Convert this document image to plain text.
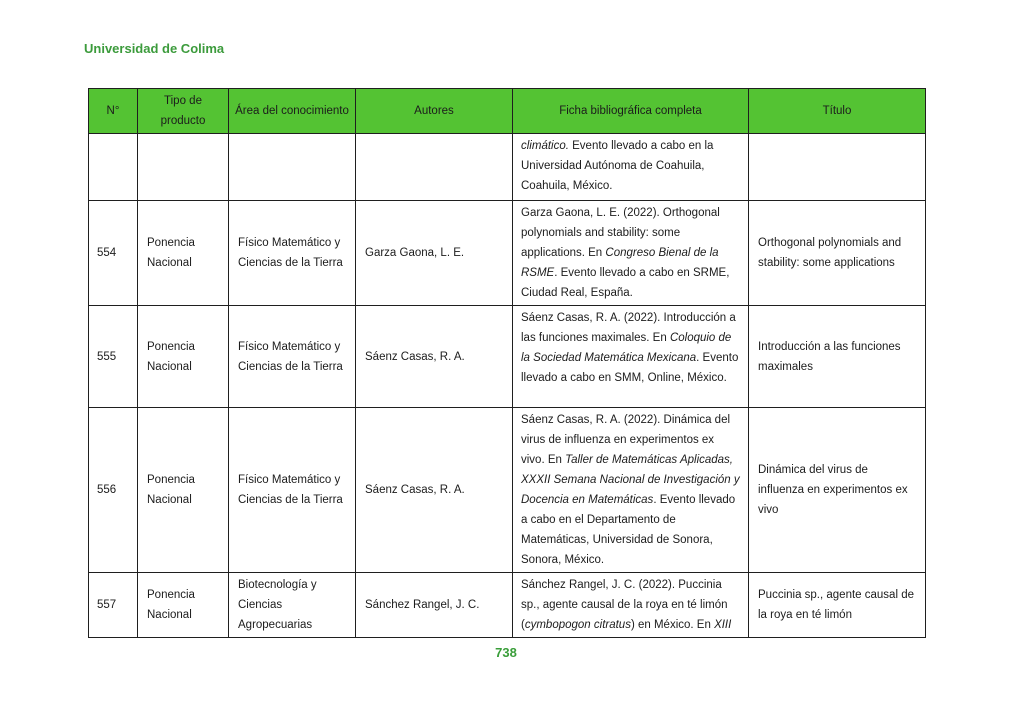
Universidad de Colima
N°	Tipo de producto	Área del conocimiento	Autores	Ficha bibliográfica completa	Título
				climático. Evento llevado a cabo en la Universidad Autónoma de Coahuila, Coahuila, México.	
554	Ponencia Nacional	Físico Matemático y Ciencias de la Tierra	Garza Gaona, L. E.	Garza Gaona, L. E. (2022). Orthogonal polynomials and stability: some applications. En Congreso Bienal de la RSME. Evento llevado a cabo en SRME, Ciudad Real, España.	Orthogonal polynomials and stability: some applications
555	Ponencia Nacional	Físico Matemático y Ciencias de la Tierra	Sáenz Casas, R. A.	Sáenz Casas, R. A. (2022). Introducción a las funciones maximales. En Coloquio de la Sociedad Matemática Mexicana. Evento llevado a cabo en SMM, Online, México.	Introducción a las funciones maximales
556	Ponencia Nacional	Físico Matemático y Ciencias de la Tierra	Sáenz Casas, R. A.	Sáenz Casas, R. A. (2022). Dinámica del virus de influenza en experimentos ex vivo. En Taller de Matemáticas Aplicadas, XXXII Semana Nacional de Investigación y Docencia en Matemáticas. Evento llevado a cabo en el Departamento de Matemáticas, Universidad de Sonora, Sonora, México.	Dinámica del virus de influenza en experimentos ex vivo
557	Ponencia Nacional	Biotecnología y Ciencias Agropecuarias	Sánchez Rangel, J. C.	Sánchez Rangel, J. C. (2022). Puccinia sp., agente causal de la roya en té limón (cymbopogon citratus) en México. En XIII	Puccinia sp., agente causal de la roya en té limón
738
